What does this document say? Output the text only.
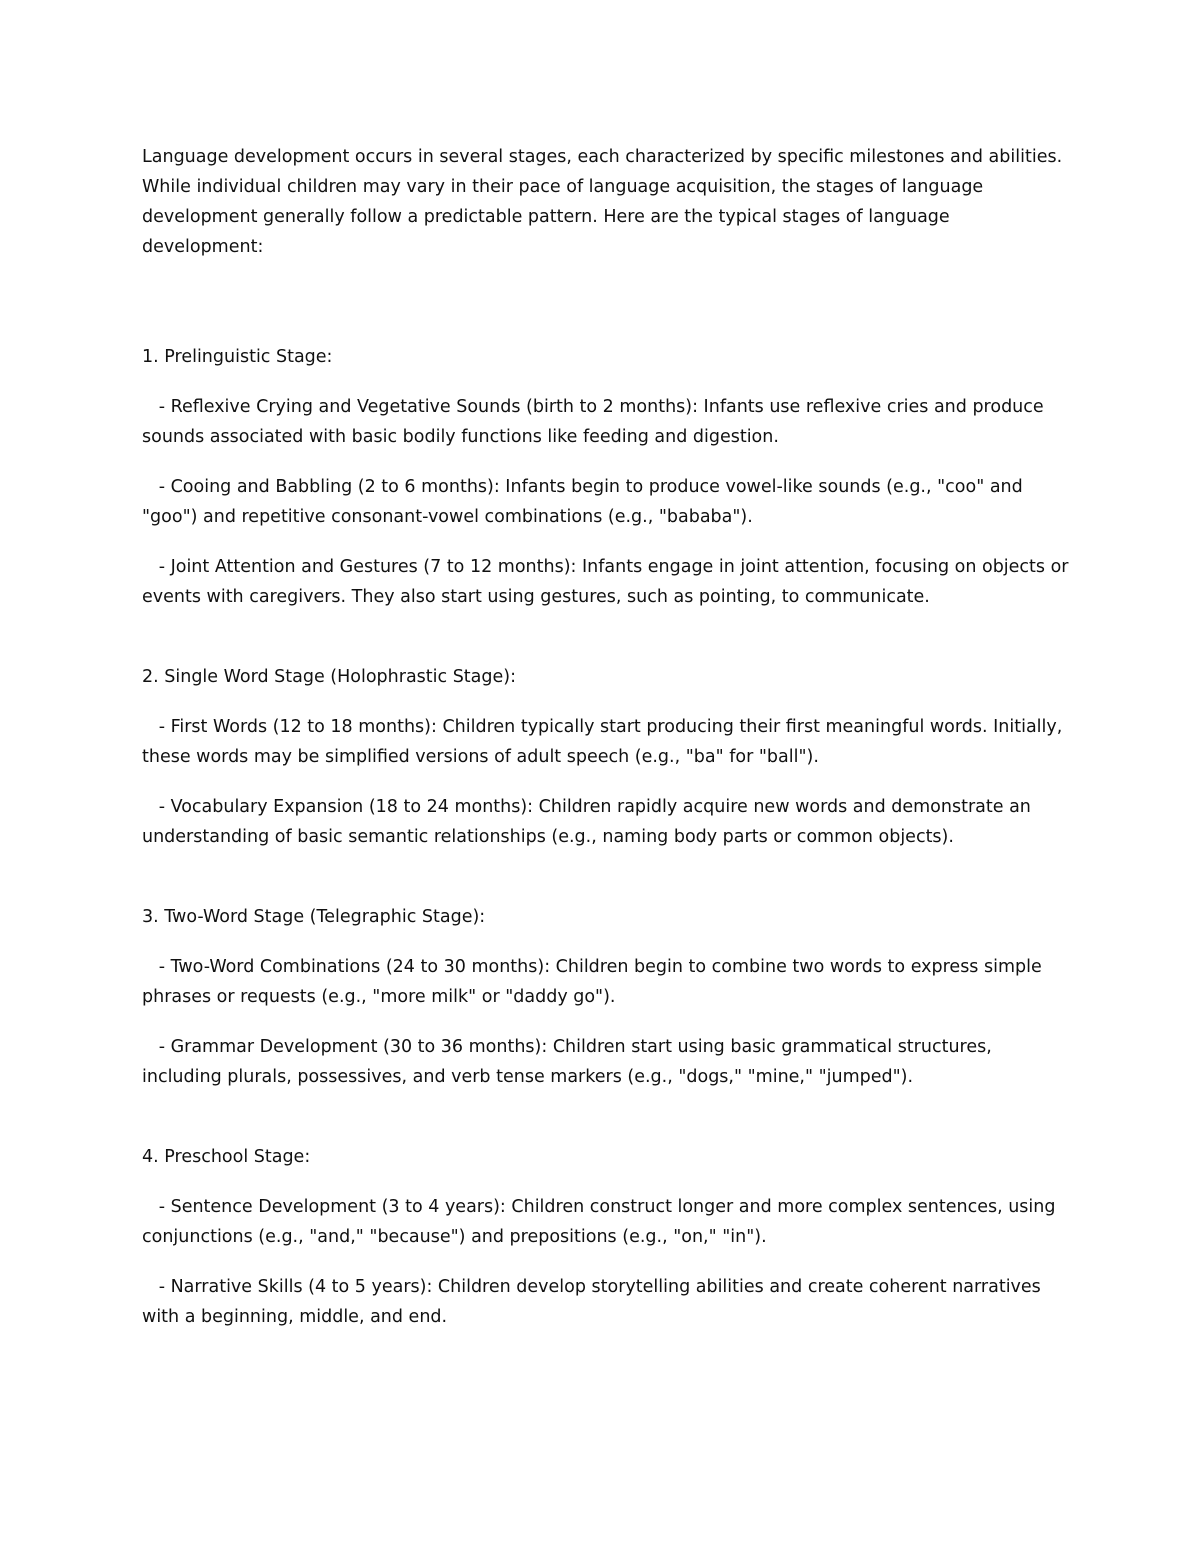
Language development occurs in several stages, each characterized by specific milestones and abilities. While individual children may vary in their pace of language acquisition, the stages of language development generally follow a predictable pattern. Here are the typical stages of language development:

1. Prelinguistic Stage:

- Reflexive Crying and Vegetative Sounds (birth to 2 months): Infants use reflexive cries and produce sounds associated with basic bodily functions like feeding and digestion.

- Cooing and Babbling (2 to 6 months): Infants begin to produce vowel-like sounds (e.g., "coo" and "goo") and repetitive consonant-vowel combinations (e.g., "bababa").

- Joint Attention and Gestures (7 to 12 months): Infants engage in joint attention, focusing on objects or events with caregivers. They also start using gestures, such as pointing, to communicate.

2. Single Word Stage (Holophrastic Stage):

- First Words (12 to 18 months): Children typically start producing their first meaningful words. Initially, these words may be simplified versions of adult speech (e.g., "ba" for "ball").

- Vocabulary Expansion (18 to 24 months): Children rapidly acquire new words and demonstrate an understanding of basic semantic relationships (e.g., naming body parts or common objects).

3. Two-Word Stage (Telegraphic Stage):

- Two-Word Combinations (24 to 30 months): Children begin to combine two words to express simple phrases or requests (e.g., "more milk" or "daddy go").

- Grammar Development (30 to 36 months): Children start using basic grammatical structures, including plurals, possessives, and verb tense markers (e.g., "dogs," "mine," "jumped").

4. Preschool Stage:

- Sentence Development (3 to 4 years): Children construct longer and more complex sentences, using conjunctions (e.g., "and," "because") and prepositions (e.g., "on," "in").

- Narrative Skills (4 to 5 years): Children develop storytelling abilities and create coherent narratives with a beginning, middle, and end.
